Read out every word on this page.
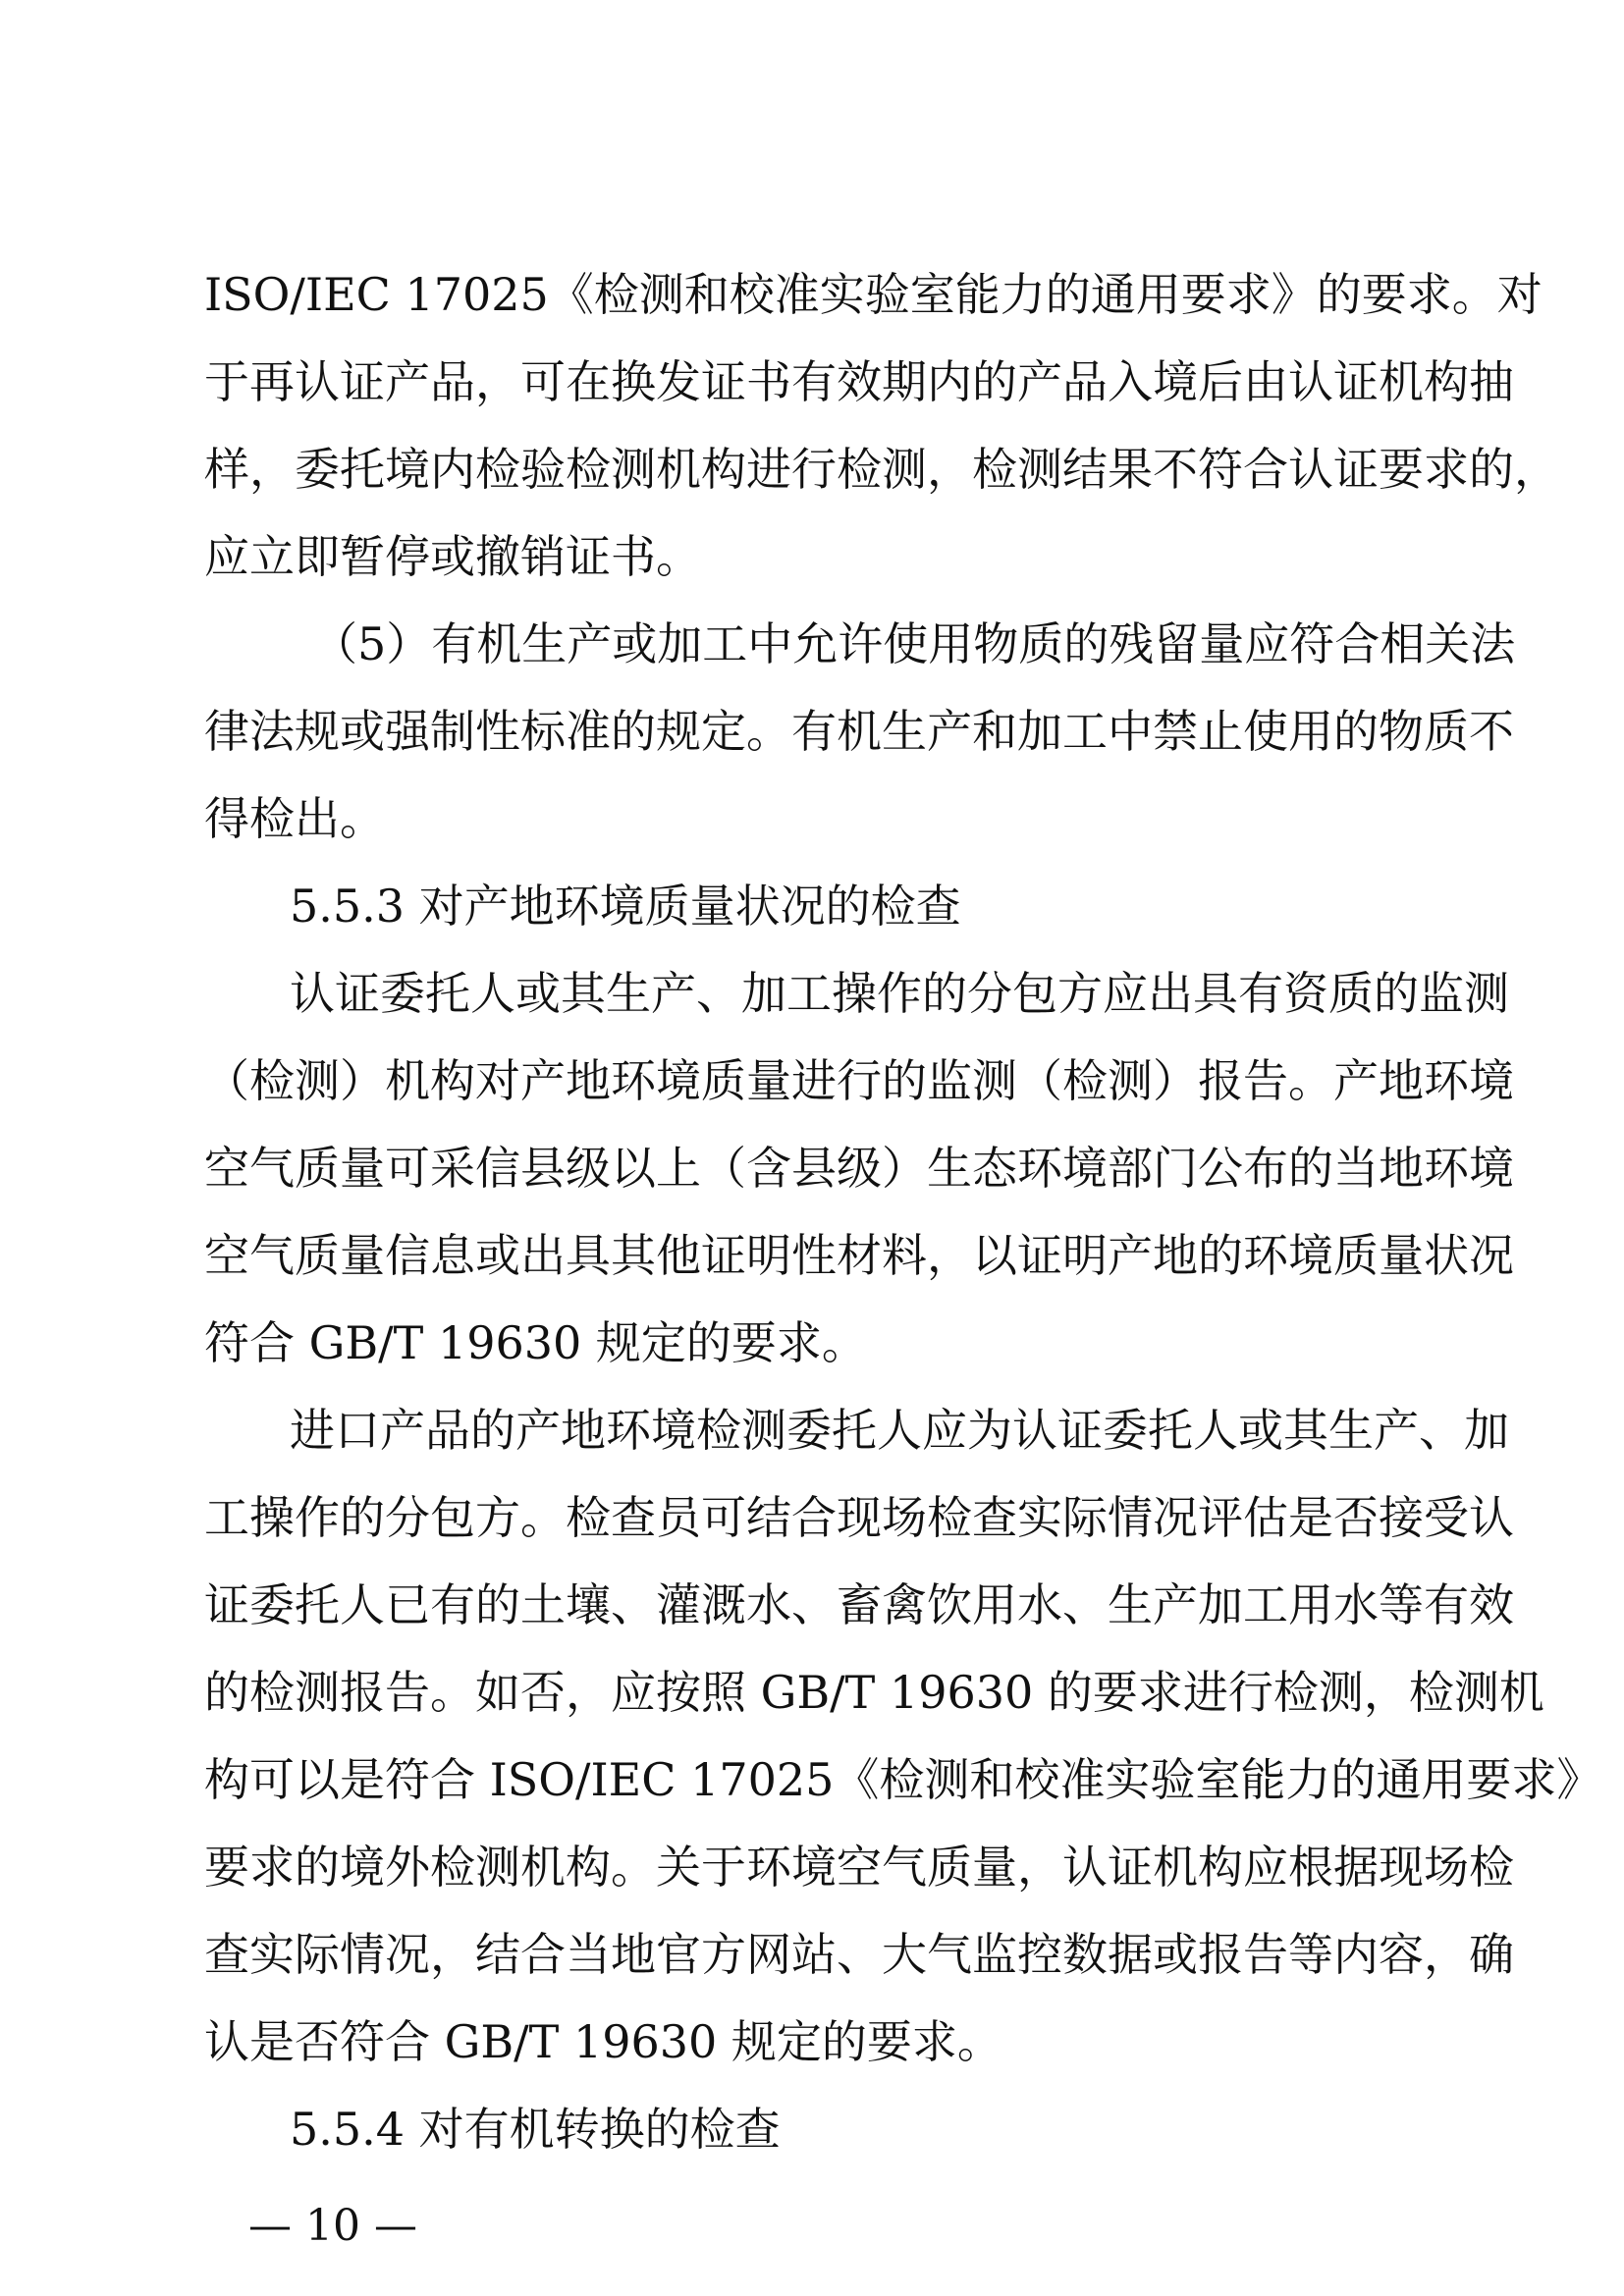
ISO/IEC 17025《检测和校准实验室能力的通用要求》的要求。对
于再认证产品，可在换发证书有效期内的产品入境后由认证机构抽
样，委托境内检验检测机构进行检测，检测结果不符合认证要求的，
应立即暂停或撤销证书。
（5）有机生产或加工中允许使用物质的残留量应符合相关法
律法规或强制性标准的规定。有机生产和加工中禁止使用的物质不
得检出。
5.5.3 对产地环境质量状况的检查
认证委托人或其生产、加工操作的分包方应出具有资质的监测
（检测）机构对产地环境质量进行的监测（检测）报告。产地环境
空气质量可采信县级以上（含县级）生态环境部门公布的当地环境
空气质量信息或出具其他证明性材料，以证明产地的环境质量状况
符合 GB/T 19630 规定的要求。
进口产品的产地环境检测委托人应为认证委托人或其生产、加
工操作的分包方。检查员可结合现场检查实际情况评估是否接受认
证委托人已有的土壤、灌溉水、畜禽饮用水、生产加工用水等有效
的检测报告。如否，应按照 GB/T 19630 的要求进行检测，检测机
构可以是符合 ISO/IEC 17025《检测和校准实验室能力的通用要求》
要求的境外检测机构。关于环境空气质量，认证机构应根据现场检
查实际情况，结合当地官方网站、大气监控数据或报告等内容，确
认是否符合 GB/T 19630 规定的要求。
5.5.4 对有机转换的检查
— 10 —
